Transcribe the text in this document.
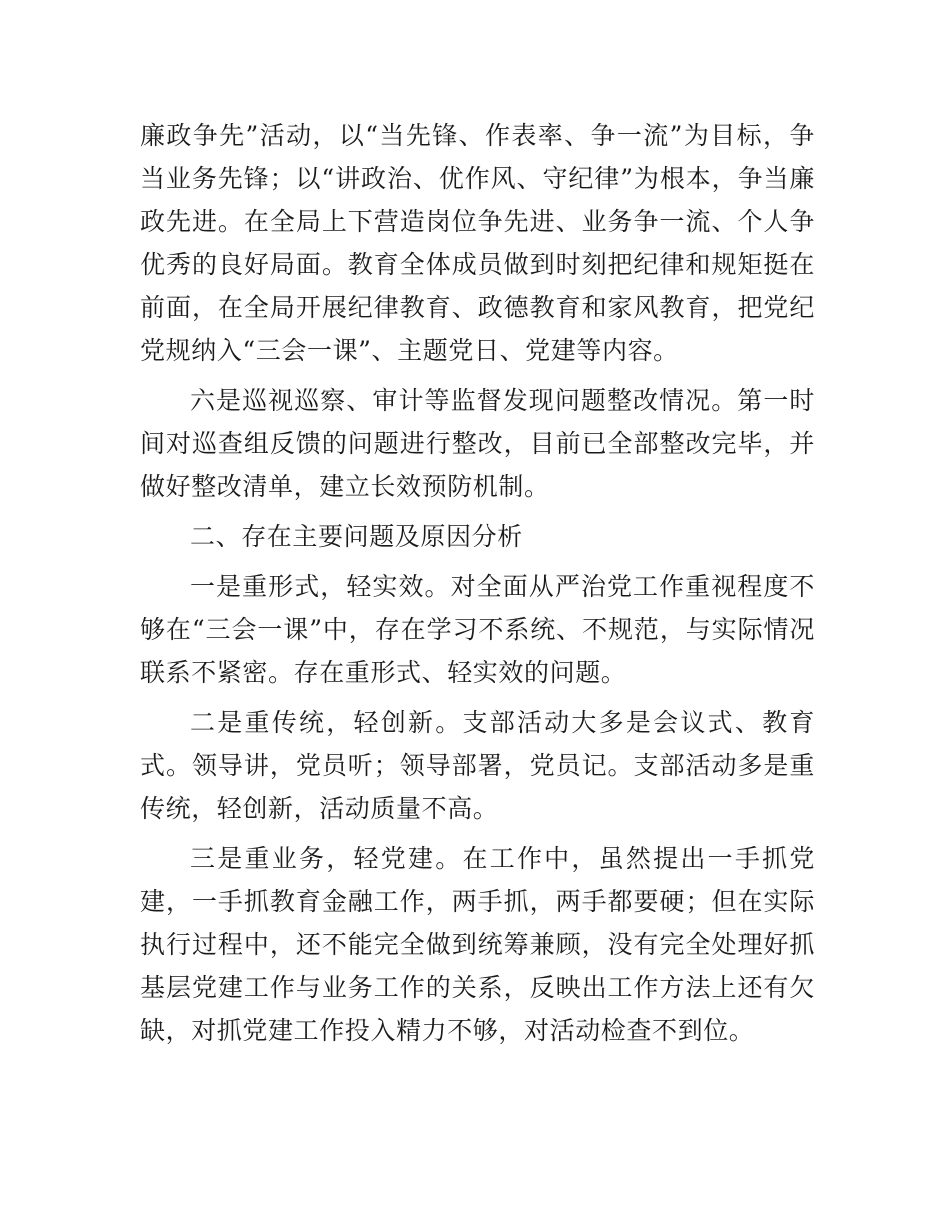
廉政争先”活动，以“当先锋、作表率、争一流”为目标，争当业务先锋；以“讲政治、优作风、守纪律”为根本，争当廉政先进。在全局上下营造岗位争先进、业务争一流、个人争优秀的良好局面。教育全体成员做到时刻把纪律和规矩挺在前面，在全局开展纪律教育、政德教育和家风教育，把党纪党规纳入“三会一课”、主题党日、党建等内容。

六是巡视巡察、审计等监督发现问题整改情况。第一时间对巡查组反馈的问题进行整改，目前已全部整改完毕，并做好整改清单，建立长效预防机制。

二、存在主要问题及原因分析

一是重形式，轻实效。对全面从严治党工作重视程度不够在“三会一课”中，存在学习不系统、不规范，与实际情况联系不紧密。存在重形式、轻实效的问题。

二是重传统，轻创新。支部活动大多是会议式、教育式。领导讲，党员听；领导部署，党员记。支部活动多是重传统，轻创新，活动质量不高。

三是重业务，轻党建。在工作中，虽然提出一手抓党建，一手抓教育金融工作，两手抓，两手都要硬；但在实际执行过程中，还不能完全做到统筹兼顾，没有完全处理好抓基层党建工作与业务工作的关系，反映出工作方法上还有欠缺，对抓党建工作投入精力不够，对活动检查不到位。
